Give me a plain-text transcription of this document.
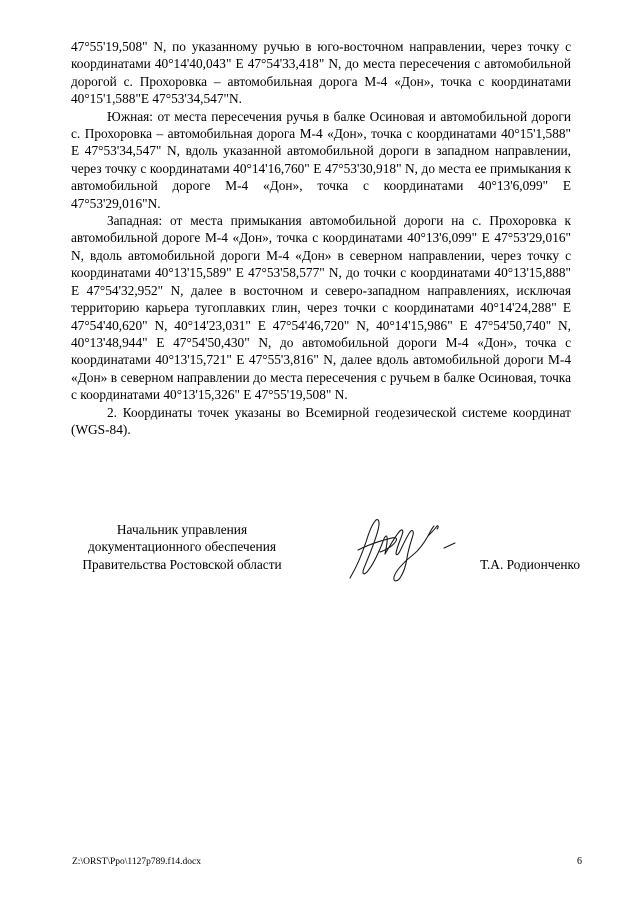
47°55'19,508" N, по указанному ручью в юго-восточном направлении, через точку с координатами 40°14'40,043" E 47°54'33,418" N, до места пересечения с автомобильной дорогой с. Прохоровка – автомобильная дорога М-4 «Дон», точка с координатами 40°15'1,588"E 47°53'34,547"N.

Южная: от места пересечения ручья в балке Осиновая и автомобильной дороги с. Прохоровка – автомобильная дорога М-4 «Дон», точка с координатами 40°15'1,588" E 47°53'34,547" N, вдоль указанной автомобильной дороги в западном направлении, через точку с координатами 40°14'16,760" E 47°53'30,918" N, до места ее примыкания к автомобильной дороге М-4 «Дон», точка с координатами 40°13'6,099" E 47°53'29,016"N.

Западная: от места примыкания автомобильной дороги на с. Прохоровка к автомобильной дороге М-4 «Дон», точка с координатами 40°13'6,099" E 47°53'29,016" N, вдоль автомобильной дороги М-4 «Дон» в северном направлении, через точку с координатами 40°13'15,589" E 47°53'58,577" N, до точки с координатами 40°13'15,888" E 47°54'32,952" N, далее в восточном и северо-западном направлениях, исключая территорию карьера тугоплавких глин, через точки с координатами 40°14'24,288" E 47°54'40,620" N, 40°14'23,031" E 47°54'46,720" N, 40°14'15,986" E 47°54'50,740" N, 40°13'48,944" E 47°54'50,430" N, до автомобильной дороги М-4 «Дон», точка с координатами 40°13'15,721" E 47°55'3,816" N, далее вдоль автомобильной дороги М-4 «Дон» в северном направлении до места пересечения с ручьем в балке Осиновая, точка с координатами 40°13'15,326" E 47°55'19,508" N.

2. Координаты точек указаны во Всемирной геодезической системе координат (WGS-84).

Начальник управления
документационного обеспечения
Правительства Ростовской области	Т.А. Родионченко
Z:\ORST\Ppo\1127p789.f14.docx	6
